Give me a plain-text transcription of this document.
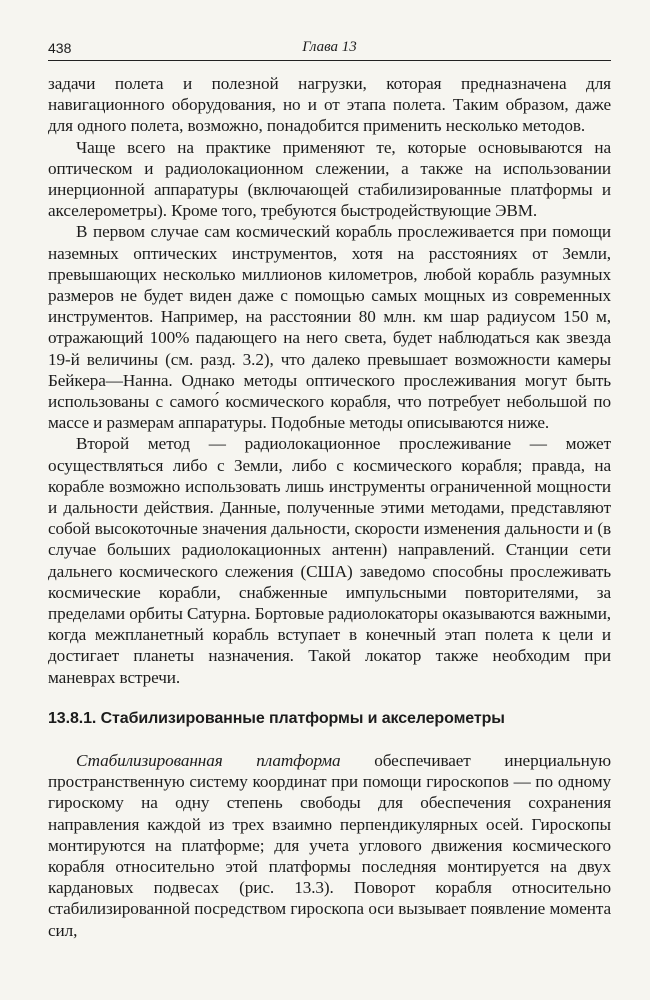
438	Глава 13

задачи полета и полезной нагрузки, которая предназначена для навигационного оборудования, но и от этапа полета. Таким образом, даже для одного полета, возможно, понадобится применить несколько методов.

Чаще всего на практике применяют те, которые основываются на оптическом и радиолокационном слежении, а также на использовании инерционной аппаратуры (включающей стабилизированные платформы и акселерометры). Кроме того, требуются быстродействующие ЭВМ.

В первом случае сам космический корабль прослеживается при помощи наземных оптических инструментов, хотя на расстояниях от Земли, превышающих несколько миллионов километров, любой корабль разумных размеров не будет виден даже с помощью самых мощных из современных инструментов. Например, на расстоянии 80 млн. км шар радиусом 150 м, отражающий 100% падающего на него света, будет наблюдаться как звезда 19-й величины (см. разд. 3.2), что далеко превышает возможности камеры Бейкера—Нанна. Однако методы оптического прослеживания могут быть использованы с самого́ космического корабля, что потребует небольшой по массе и размерам аппаратуры. Подобные методы описываются ниже.

Второй метод — радиолокационное прослеживание — может осуществляться либо с Земли, либо с космического корабля; правда, на корабле возможно использовать лишь инструменты ограниченной мощности и дальности действия. Данные, полученные этими методами, представляют собой высокоточные значения дальности, скорости изменения дальности и (в случае больших радиолокационных антенн) направлений. Станции сети дальнего космического слежения (США) заведомо способны прослеживать космические корабли, снабженные импульсными повторителями, за пределами орбиты Сатурна. Бортовые радиолокаторы оказываются важными, когда межпланетный корабль вступает в конечный этап полета к цели и достигает планеты назначения. Такой локатор также необходим при маневрах встречи.

13.8.1. Стабилизированные платформы и акселерометры

Стабилизированная платформа обеспечивает инерциальную пространственную систему координат при помощи гироскопов — по одному гироскому на одну степень свободы для обеспечения сохранения направления каждой из трех взаимно перпендикулярных осей. Гироскопы монтируются на платформе; для учета углового движения космического корабля относительно этой платформы последняя монтируется на двух кардановых подвесах (рис. 13.3). Поворот корабля относительно стабилизированной посредством гироскопа оси вызывает появление момента сил,
